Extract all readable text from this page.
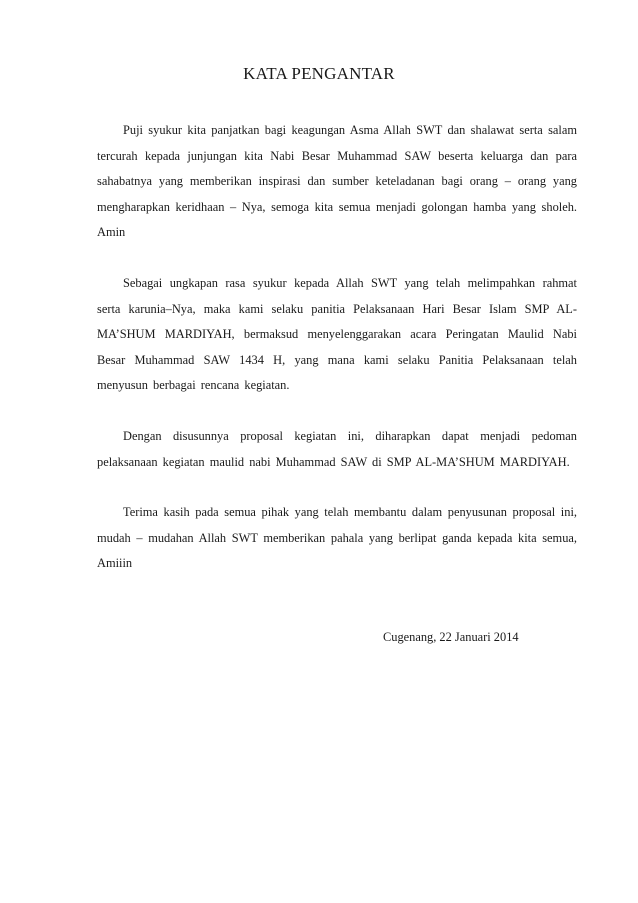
KATA PENGANTAR

Puji syukur kita panjatkan bagi keagungan Asma Allah SWT dan shalawat serta salam tercurah kepada junjungan kita Nabi Besar Muhammad SAW beserta keluarga dan para sahabatnya yang memberikan inspirasi dan sumber keteladanan bagi orang – orang yang mengharapkan keridhaan – Nya, semoga kita semua menjadi golongan hamba yang sholeh. Amin

Sebagai ungkapan rasa syukur kepada Allah SWT yang telah melimpahkan rahmat serta karunia–Nya, maka kami selaku panitia Pelaksanaan Hari Besar Islam SMP AL-MA’SHUM MARDIYAH, bermaksud menyelenggarakan acara Peringatan Maulid Nabi Besar Muhammad SAW 1434 H, yang mana kami selaku Panitia Pelaksanaan telah menyusun berbagai rencana kegiatan.

Dengan disusunnya proposal kegiatan ini, diharapkan dapat menjadi pedoman pelaksanaan kegiatan maulid nabi Muhammad SAW di SMP AL-MA’SHUM MARDIYAH.

Terima kasih pada semua pihak yang telah membantu dalam penyusunan proposal ini, mudah – mudahan Allah SWT memberikan pahala yang berlipat ganda kepada kita semua, Amiiin

Cugenang, 22 Januari 2014
